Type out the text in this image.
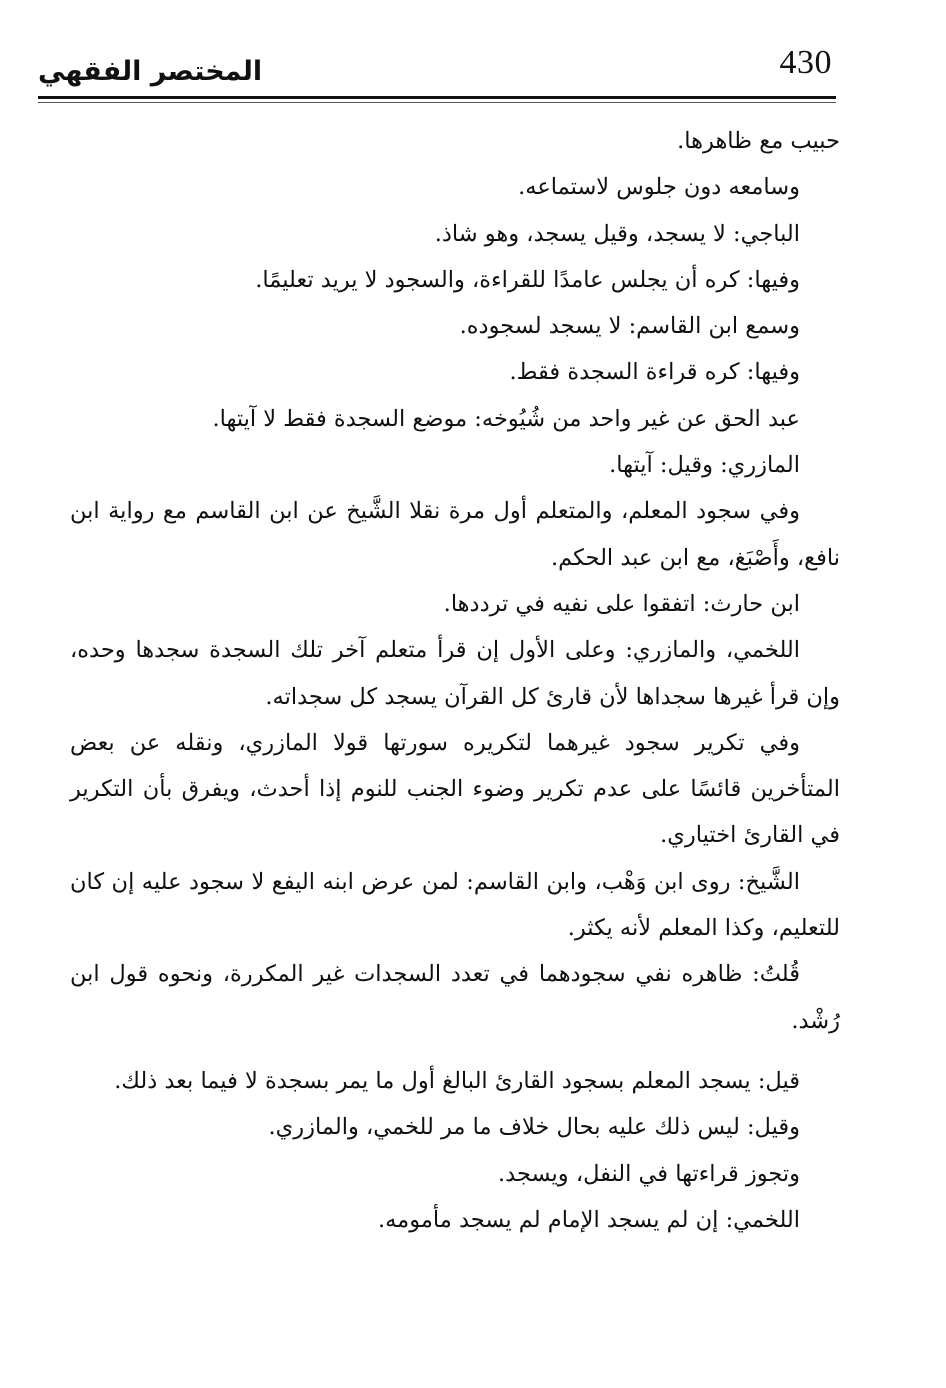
المختصر الفقهي	430

حبيب مع ظاهرها.

وسامعه دون جلوس لاستماعه.

الباجي: لا يسجد، وقيل يسجد، وهو شاذ.

وفيها: كره أن يجلس عامدًا للقراءة، والسجود لا يريد تعليمًا.

وسمع ابن القاسم: لا يسجد لسجوده.

وفيها: كره قراءة السجدة فقط.

عبد الحق عن غير واحد من شُيُوخه: موضع السجدة فقط لا آيتها.

المازري: وقيل: آيتها.

وفي سجود المعلم، والمتعلم أول مرة نقلا الشَّيخ عن ابن القاسم مع رواية ابن نافع، وأَصْبَغ، مع ابن عبد الحكم.

ابن حارث: اتفقوا على نفيه في ترددها.

اللخمي، والمازري: وعلى الأول إن قرأ متعلم آخر تلك السجدة سجدها وحده، وإن قرأ غيرها سجداها لأن قارئ كل القرآن يسجد كل سجداته.

وفي تكرير سجود غيرهما لتكريره سورتها قولا المازري، ونقله عن بعض المتأخرين قائسًا على عدم تكرير وضوء الجنب للنوم إذا أحدث، ويفرق بأن التكرير في القارئ اختياري.

الشَّيخ: روى ابن وَهْب، وابن القاسم: لمن عرض ابنه اليفع لا سجود عليه إن كان للتعليم، وكذا المعلم لأنه يكثر.

قُلتُ: ظاهره نفي سجودهما في تعدد السجدات غير المكررة، ونحوه قول ابن رُشْد.

قيل: يسجد المعلم بسجود القارئ البالغ أول ما يمر بسجدة لا فيما بعد ذلك.

وقيل: ليس ذلك عليه بحال خلاف ما مر للخمي، والمازري.

وتجوز قراءتها في النفل، ويسجد.

اللخمي: إن لم يسجد الإمام لم يسجد مأمومه.
